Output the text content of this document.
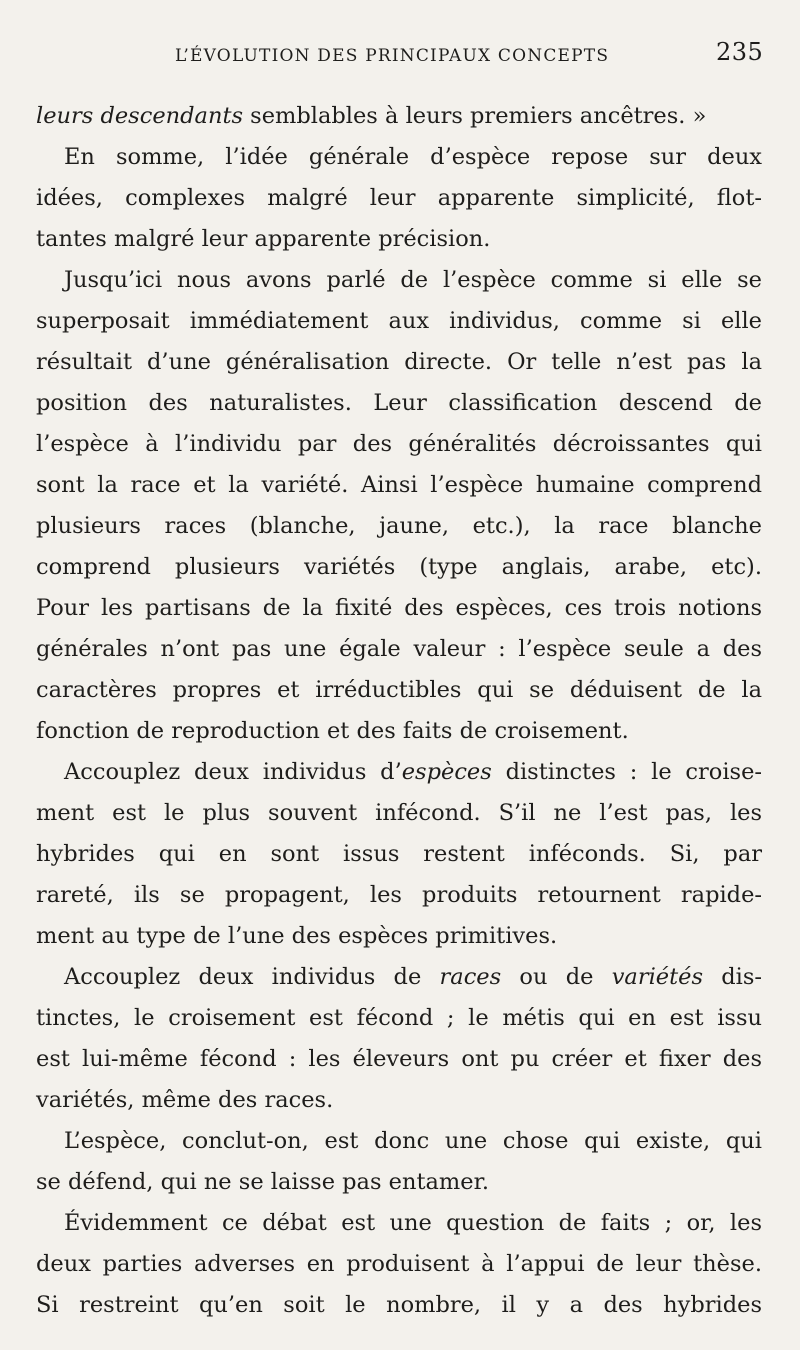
L’ÉVOLUTION DES PRINCIPAUX CONCEPTS	235
leurs descendants semblables à leurs premiers ancêtres. »
En somme, l’idée générale d’espèce repose sur deux
idées, complexes malgré leur apparente simplicité, flot-
tantes malgré leur apparente précision.
Jusqu’ici nous avons parlé de l’espèce comme si elle se
superposait immédiatement aux individus, comme si elle
résultait d’une généralisation directe. Or telle n’est pas la
position des naturalistes. Leur classification descend de
l’espèce à l’individu par des généralités décroissantes qui
sont la race et la variété. Ainsi l’espèce humaine comprend
plusieurs races (blanche, jaune, etc.), la race blanche
comprend plusieurs variétés (type anglais, arabe, etc).
Pour les partisans de la fixité des espèces, ces trois notions
générales n’ont pas une égale valeur : l’espèce seule a des
caractères propres et irréductibles qui se déduisent de la
fonction de reproduction et des faits de croisement.
Accouplez deux individus d’espèces distinctes : le croise-
ment est le plus souvent infécond. S’il ne l’est pas, les
hybrides qui en sont issus restent inféconds. Si, par
rareté, ils se propagent, les produits retournent rapide-
ment au type de l’une des espèces primitives.
Accouplez deux individus de races ou de variétés dis-
tinctes, le croisement est fécond ; le métis qui en est issu
est lui-même fécond : les éleveurs ont pu créer et fixer des
variétés, même des races.
L’espèce, conclut-on, est donc une chose qui existe, qui
se défend, qui ne se laisse pas entamer.
Évidemment ce débat est une question de faits ; or, les
deux parties adverses en produisent à l’appui de leur thèse.
Si restreint qu’en soit le nombre, il y a des hybrides
